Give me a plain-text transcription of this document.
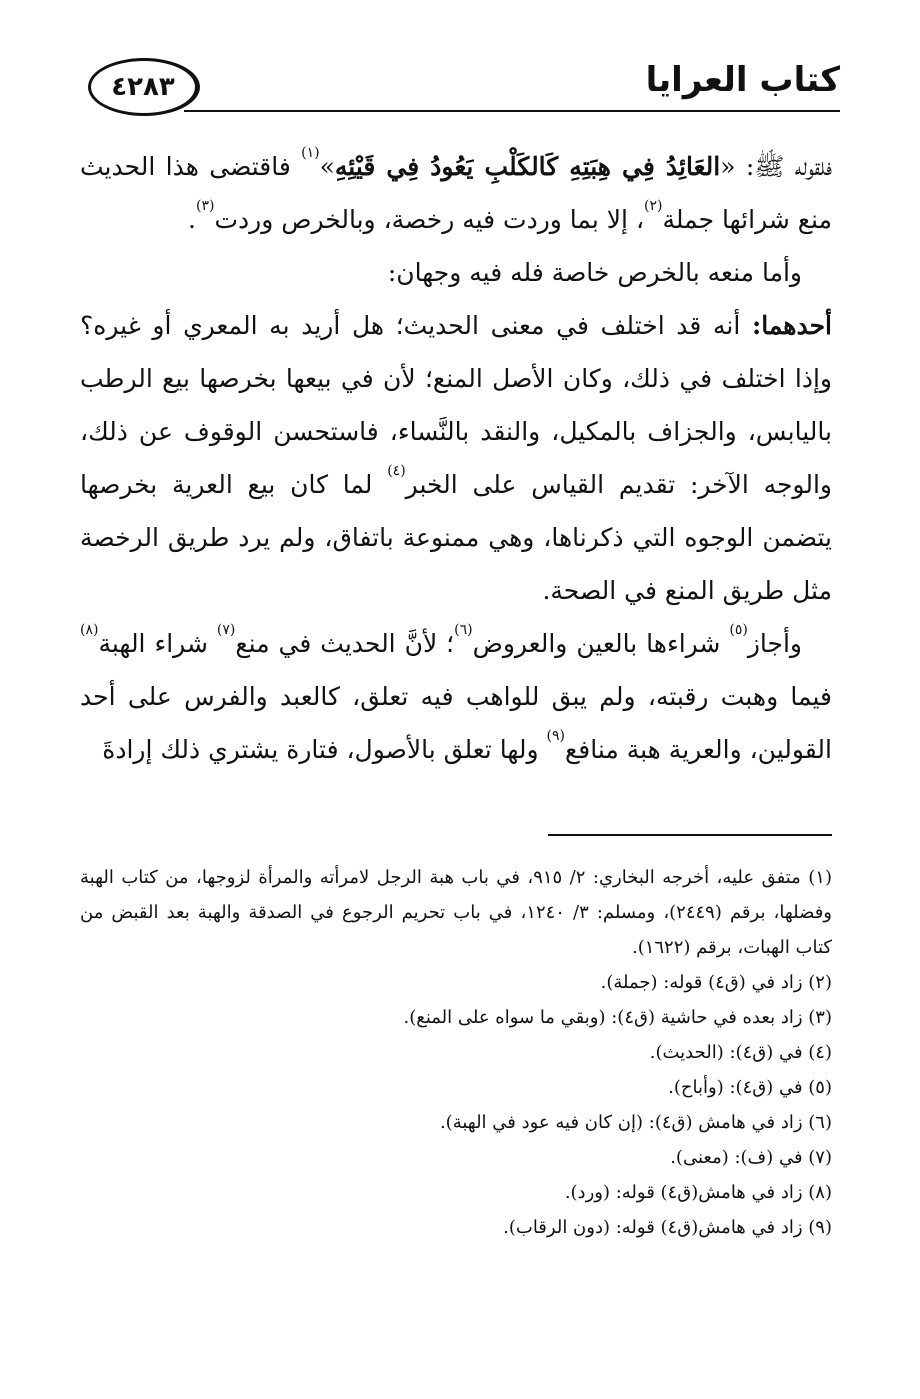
كتاب العرايا
٤٢٨٣

فلقوله ﷺ: «العَائِدُ فِي هِبَتِهِ كَالكَلْبِ يَعُودُ فِي قَيْئِهِ»$^{(١)}$ فاقتضى هذا الحديث منع شرائها جملة$^{(٢)}$، إلا بما وردت فيه رخصة، وبالخرص وردت$^{(٣)}$.

وأما منعه بالخرص خاصة فله فيه وجهان:

أحدهما: أنه قد اختلف في معنى الحديث؛ هل أريد به المعري أو غيره؟ وإذا اختلف في ذلك، وكان الأصل المنع؛ لأن في بيعها بخرصها بيع الرطب باليابس، والجزاف بالمكيل، والنقد بالنَّساء، فاستحسن الوقوف عن ذلك، والوجه الآخر: تقديم القياس على الخبر$^{(٤)}$ لما كان بيع العرية بخرصها يتضمن الوجوه التي ذكرناها، وهي ممنوعة باتفاق، ولم يرد طريق الرخصة مثل طريق المنع في الصحة.

وأجاز$^{(٥)}$ شراءها بالعين والعروض$^{(٦)}$؛ لأنَّ الحديث في منع$^{(٧)}$ شراء الهبة$^{(٨)}$ فيما وهبت رقبته، ولم يبق للواهب فيه تعلق، كالعبد والفرس على أحد القولين، والعرية هبة منافع$^{(٩)}$ ولها تعلق بالأصول، فتارة يشتري ذلك إرادةَ

(١) متفق عليه، أخرجه البخاري: ٢/ ٩١٥، في باب هبة الرجل لامرأته والمرأة لزوجها، من كتاب الهبة وفضلها، برقم (٢٤٤٩)، ومسلم: ٣/ ١٢٤٠، في باب تحريم الرجوع في الصدقة والهبة بعد القبض من كتاب الهبات، برقم (١٦٢٢).

(٢) زاد في (ق٤) قوله: (جملة).

(٣) زاد بعده في حاشية (ق٤): (وبقي ما سواه على المنع).

(٤) في (ق٤): (الحديث).

(٥) في (ق٤): (وأباح).

(٦) زاد في هامش (ق٤): (إن كان فيه عود في الهبة).

(٧) في (ف): (معنى).

(٨) زاد في هامش(ق٤) قوله: (ورد).

(٩) زاد في هامش(ق٤) قوله: (دون الرقاب).
